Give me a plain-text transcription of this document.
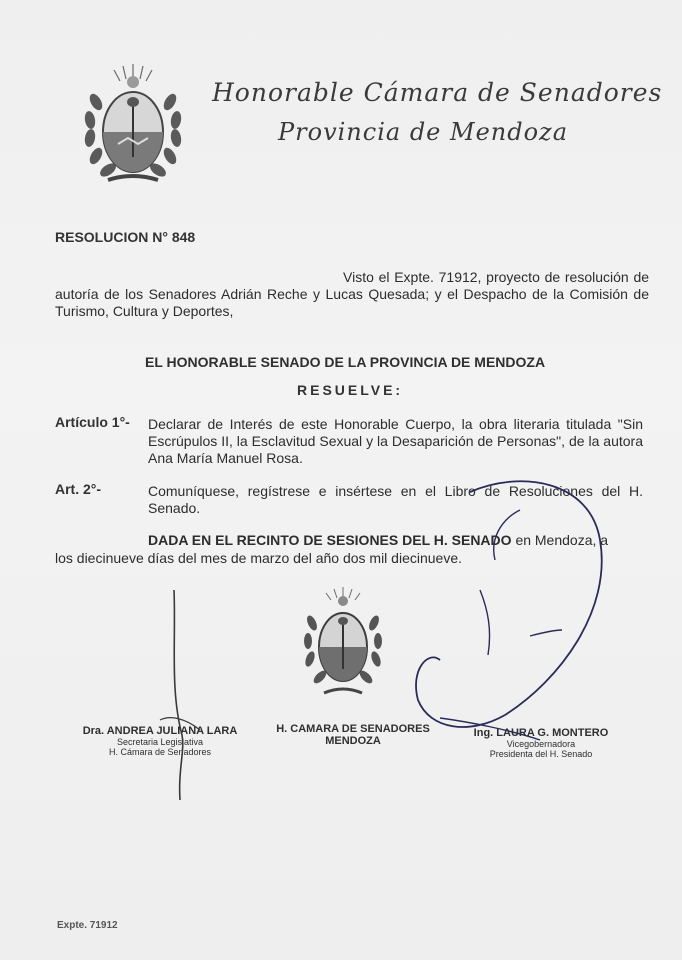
Honorable Cámara de Senadores
Provincia de Mendoza
RESOLUCION N° 848
Visto el Expte. 71912, proyecto de resolución de autoría de los Senadores Adrián Reche y Lucas Quesada; y el Despacho de la Comisión de Turismo, Cultura y Deportes,
EL HONORABLE SENADO DE LA PROVINCIA DE MENDOZA
RESUELVE:
Artículo 1°- Declarar de Interés de este Honorable Cuerpo, la obra literaria titulada "Sin Escrúpulos II, la Esclavitud Sexual y la Desaparición de Personas", de la autora Ana María Manuel Rosa.
Art. 2°-	Comuníquese, regístrese e insértese en el Libro de Resoluciones del H. Senado.
DADA EN EL RECINTO DE SESIONES DEL H. SENADO en Mendoza, a
los diecinueve días del mes de marzo del año dos mil diecinueve.
Dra. ANDREA JULIANA LARA
Secretaria Legislativa
H. Cámara de Senadores
H. CAMARA DE SENADORES
MENDOZA
Ing. LAURA G. MONTERO
Vicegobernadora
Presidenta del H. Senado
Expte. 71912
